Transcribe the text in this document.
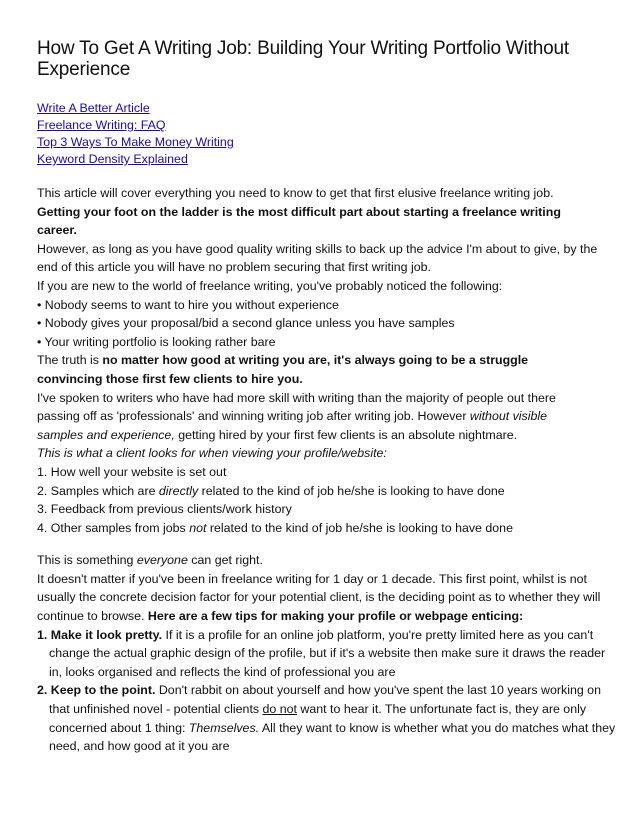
How To Get A Writing Job: Building Your Writing Portfolio Without Experience
Write A Better Article
Freelance Writing: FAQ
Top 3 Ways To Make Money Writing
Keyword Density Explained

This article will cover everything you need to know to get that first elusive freelance writing job.

Getting your foot on the ladder is the most difficult part about starting a freelance writing career.

However, as long as you have good quality writing skills to back up the advice I'm about to give, by the end of this article you will have no problem securing that first writing job.

If you are new to the world of freelance writing, you've probably noticed the following:

• Nobody seems to want to hire you without experience

• Nobody gives your proposal/bid a second glance unless you have samples

• Your writing portfolio is looking rather bare

The truth is no matter how good at writing you are, it's always going to be a struggle convincing those first few clients to hire you.

I've spoken to writers who have had more skill with writing than the majority of people out there passing off as 'professionals' and winning writing job after writing job. However without visible samples and experience, getting hired by your first few clients is an absolute nightmare.

This is what a client looks for when viewing your profile/website:

1. How well your website is set out

2. Samples which are directly related to the kind of job he/she is looking to have done

3. Feedback from previous clients/work history

4. Other samples from jobs not related to the kind of job he/she is looking to have done

This is something everyone can get right.

It doesn't matter if you've been in freelance writing for 1 day or 1 decade. This first point, whilst is not usually the concrete decision factor for your potential client, is the deciding point as to whether they will continue to browse. Here are a few tips for making your profile or webpage enticing:

1. Make it look pretty. If it is a profile for an online job platform, you're pretty limited here as you can't change the actual graphic design of the profile, but if it's a website then make sure it draws the reader in, looks organised and reflects the kind of professional you are

2. Keep to the point. Don't rabbit on about yourself and how you've spent the last 10 years working on that unfinished novel - potential clients do not want to hear it. The unfortunate fact is, they are only concerned about 1 thing: Themselves. All they want to know is whether what you do matches what they need, and how good at it you are
